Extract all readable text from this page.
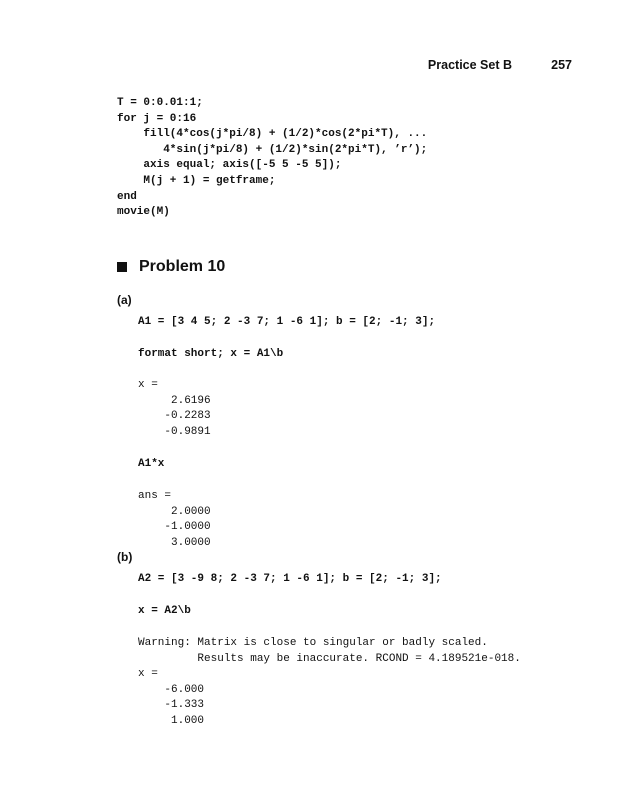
Practice Set B	257
T = 0:0.01:1;
for j = 0:16
fill(4*cos(j*pi/8) + (1/2)*cos(2*pi*T), ...
4*sin(j*pi/8) + (1/2)*sin(2*pi*T), ’r’);
axis equal; axis([-5 5 -5 5]);
M(j + 1) = getframe;
end
movie(M)
Problem 10
(a)
A1 = [3 4 5; 2 -3 7; 1 -6 1]; b = [2; -1; 3];
format short; x = A1\b
x =
2.6196
-0.2283
-0.9891
A1*x
ans =
2.0000
-1.0000
3.0000
(b)
A2 = [3 -9 8; 2 -3 7; 1 -6 1]; b = [2; -1; 3];
x = A2\b
Warning: Matrix is close to singular or badly scaled.
Results may be inaccurate. RCOND = 4.189521e-018.
x =
-6.000
-1.333
1.000
